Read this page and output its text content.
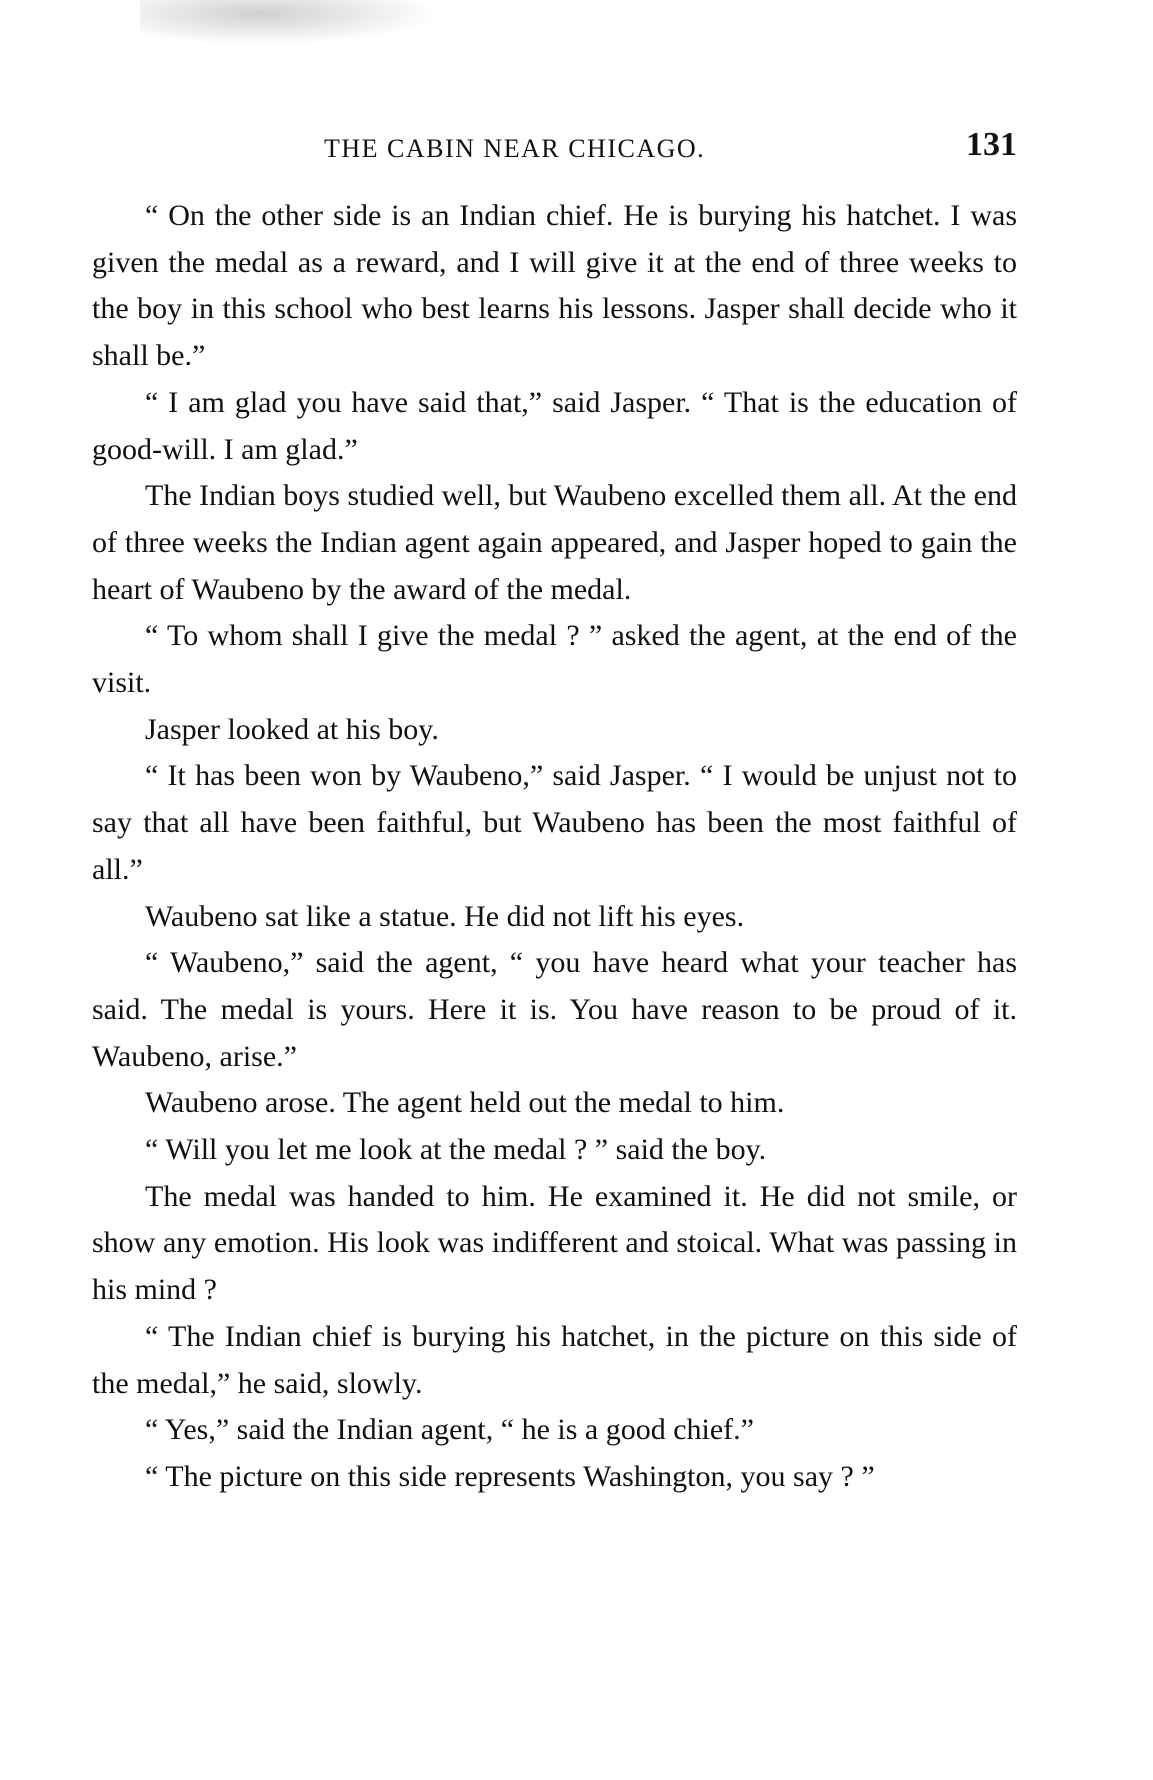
THE CABIN NEAR CHICAGO.	131

“ On the other side is an Indian chief. He is burying his hatchet. I was given the medal as a reward, and I will give it at the end of three weeks to the boy in this school who best learns his lessons. Jasper shall decide who it shall be.”

“ I am glad you have said that,” said Jasper. “ That is the education of good-will. I am glad.”

The Indian boys studied well, but Waubeno excelled them all. At the end of three weeks the Indian agent again appeared, and Jasper hoped to gain the heart of Waubeno by the award of the medal.

“ To whom shall I give the medal ? ” asked the agent, at the end of the visit.

Jasper looked at his boy.

“ It has been won by Waubeno,” said Jasper. “ I would be unjust not to say that all have been faithful, but Waubeno has been the most faithful of all.”

Waubeno sat like a statue. He did not lift his eyes.

“ Waubeno,” said the agent, “ you have heard what your teacher has said. The medal is yours. Here it is. You have reason to be proud of it. Waubeno, arise.”

Waubeno arose. The agent held out the medal to him.

“ Will you let me look at the medal ? ” said the boy.

The medal was handed to him. He examined it. He did not smile, or show any emotion. His look was indifferent and stoical. What was passing in his mind ?

“ The Indian chief is burying his hatchet, in the picture on this side of the medal,” he said, slowly.

“ Yes,” said the Indian agent, “ he is a good chief.”

“ The picture on this side represents Washington, you say ? ”
